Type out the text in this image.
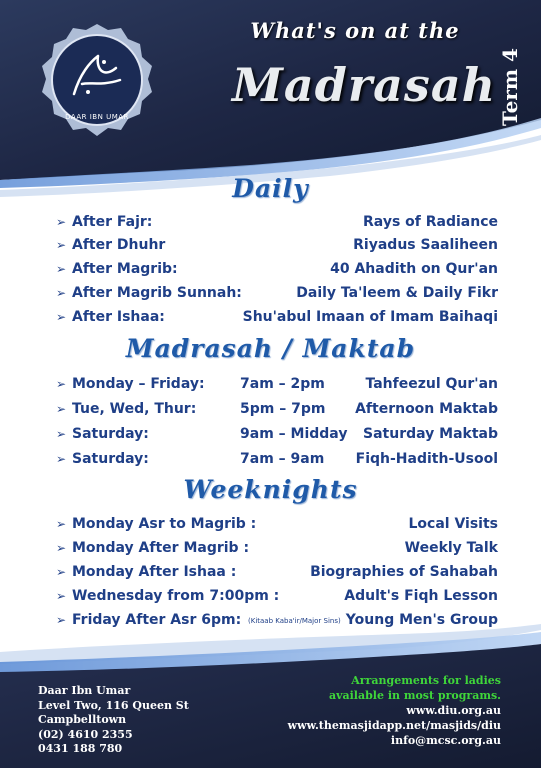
DAAR IBN UMAR
What's on at the
Madrasah Term 4
Daily
➢ After Fajr:	Rays of Radiance
➢ After Dhuhr	Riyadus Saaliheen
➢ After Magrib:	40 Ahadith on Qur'an
➢ After Magrib Sunnah:	Daily Ta'leem & Daily Fikr
➢ After Ishaa:	Shu'abul Imaan of Imam Baihaqi
Madrasah / Maktab
➢ Monday – Friday:	7am – 2pm	Tahfeezul Qur'an
➢ Tue, Wed, Thur:	5pm – 7pm Afternoon Maktab
➢ Saturday:	9am – Midday Saturday Maktab
➢ Saturday:	7am – 9am Fiqh-Hadith-Usool
Weeknights
➢ Monday Asr to Magrib :	Local Visits
➢ Monday After Magrib :	Weekly Talk
➢ Monday After Ishaa :	Biographies of Sahabah
➢ Wednesday from 7:00pm :	Adult's Fiqh Lesson
➢ Friday After Asr 6pm: (Kitaab Kaba'ir/Major Sins) Young Men's Group
Daar Ibn Umar
Level Two, 116 Queen St
Campbelltown
(02) 4610 2355
0431 188 780
Arrangements for ladies
available in most programs.
www.diu.org.au
www.themasjidapp.net/masjids/diu
info@mcsc.org.au
